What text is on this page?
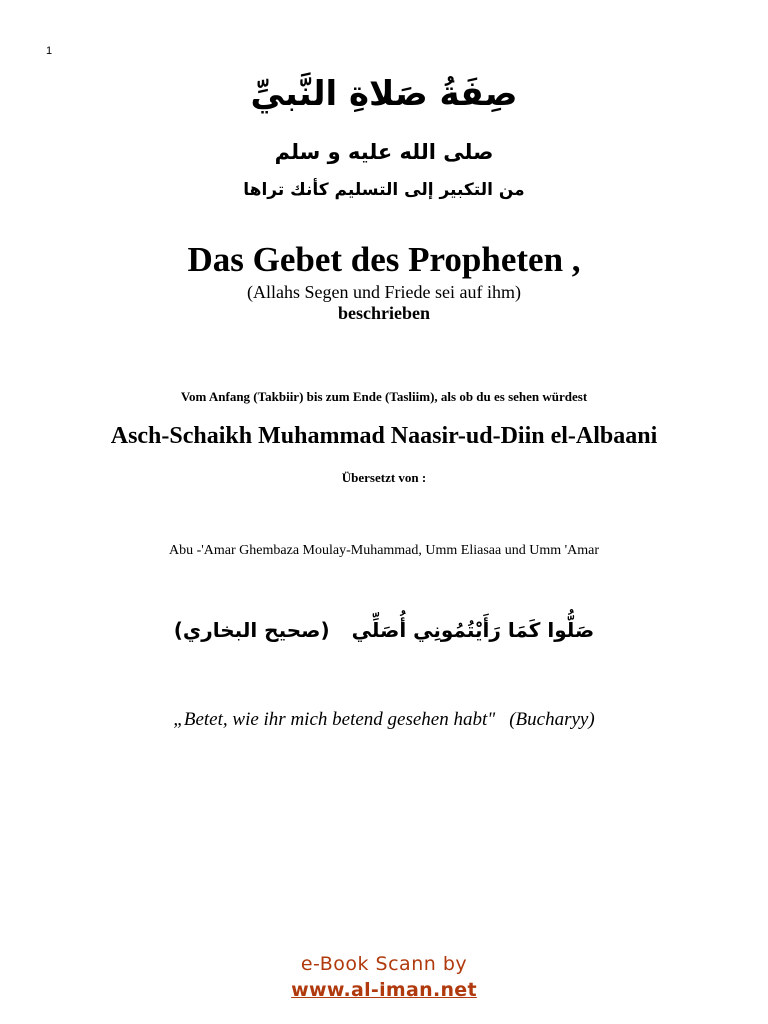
1
صِفَةُ صَلاةِ النَّبيِّ
صلى الله عليه و سلم
من التكبير إلى التسليم كأنك تراها
Das Gebet des Propheten ,
(Allahs Segen und Friede sei auf ihm)
beschrieben
Vom Anfang (Takbiir) bis zum Ende (Tasliim), als ob du es sehen würdest
Asch-Schaikh Muhammad Naasir-ud-Diin el-Albaani
Übersetzt von :
Abu -'Amar Ghembaza Moulay-Muhammad, Umm Eliasaa und Umm 'Amar
صَلُّوا كَمَا رَأَيْتُمُونِي أُصَلِّي(صحيح البخاري)
„Betet, wie ihr mich betend gesehen habt" (Bucharyy)
e-Book Scann by
www.al-iman.net
